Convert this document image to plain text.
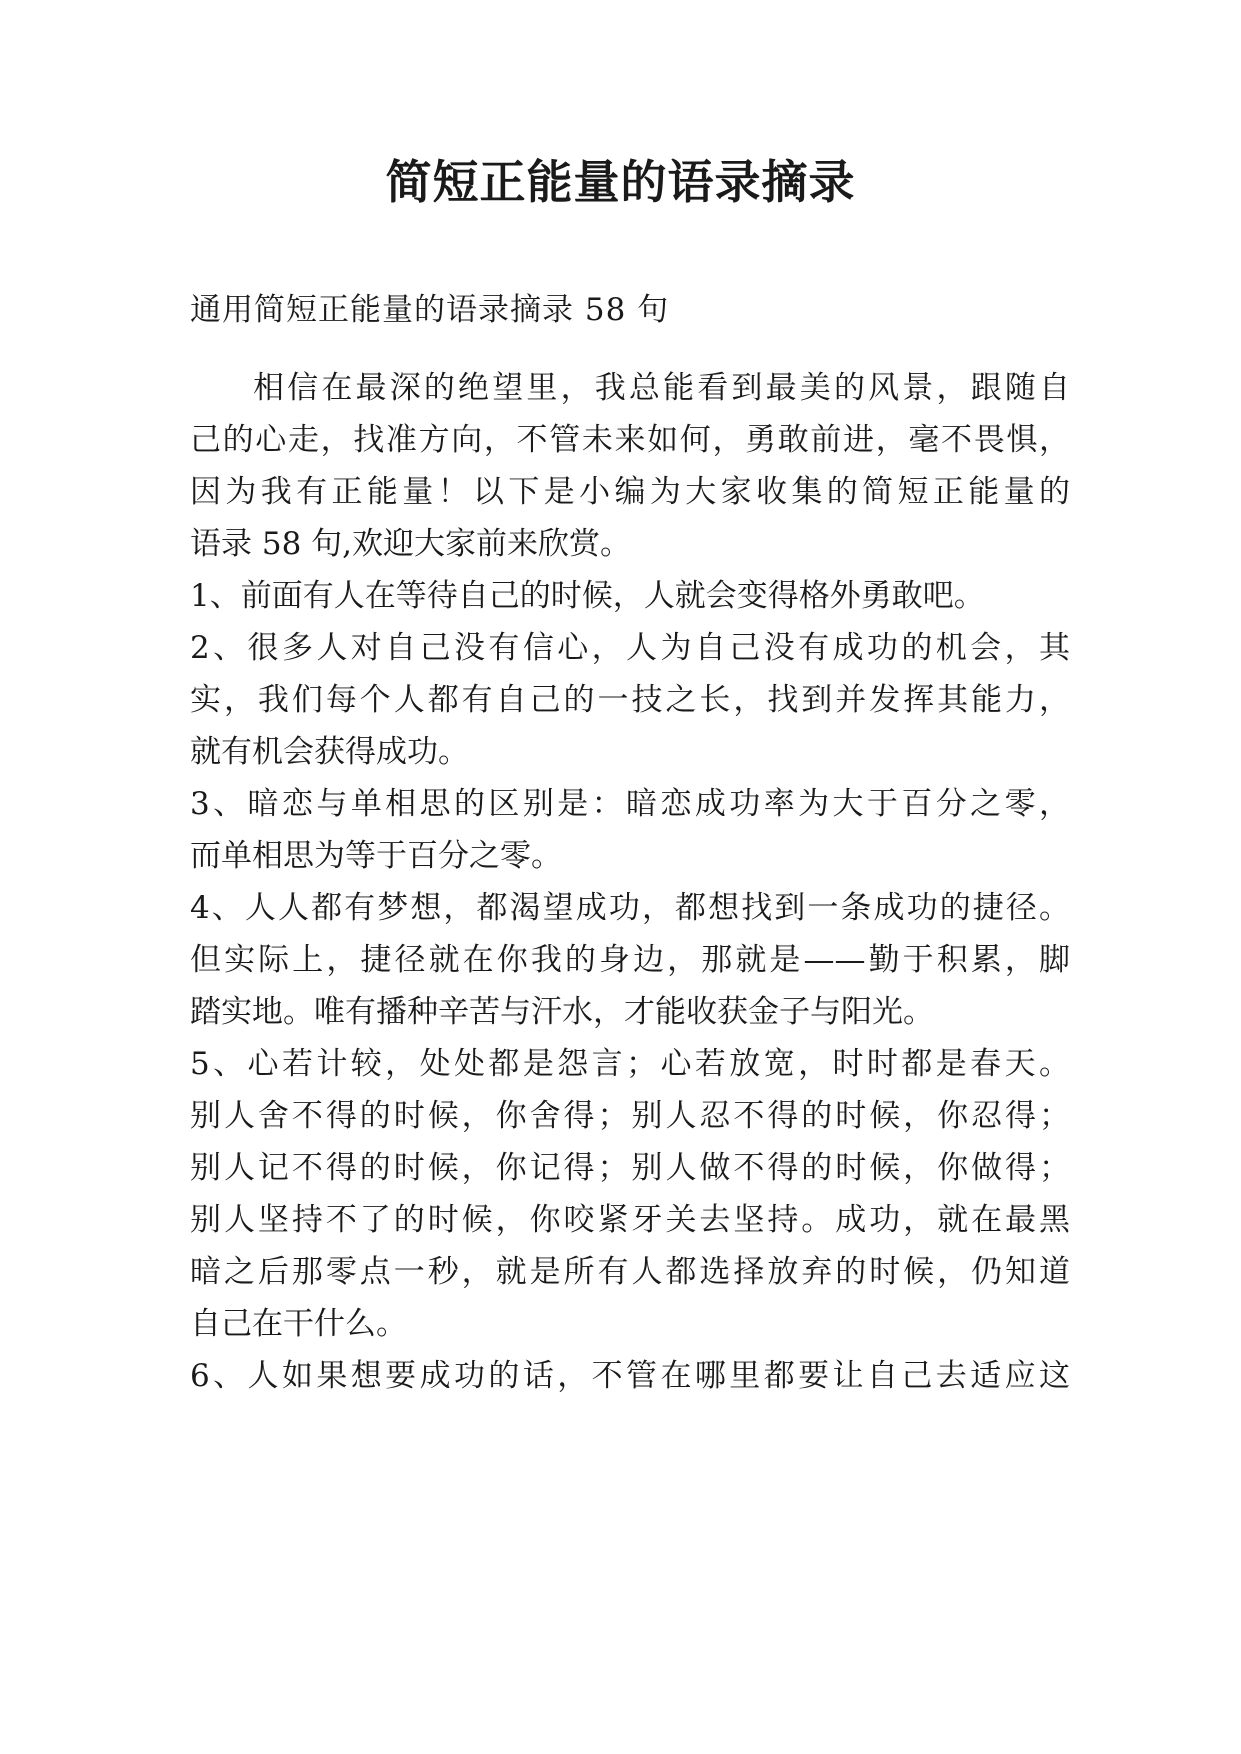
简短正能量的语录摘录
通用简短正能量的语录摘录 58 句
相信在最深的绝望里，我总能看到最美的风景，跟随自
己的心走，找准方向，不管未来如何，勇敢前进，毫不畏惧，
因为我有正能量！以下是小编为大家收集的简短正能量的
语录 58 句,欢迎大家前来欣赏。
1、前面有人在等待自己的时候，人就会变得格外勇敢吧。
2、很多人对自己没有信心，人为自己没有成功的机会，其
实，我们每个人都有自己的一技之长，找到并发挥其能力，
就有机会获得成功。
3、暗恋与单相思的区别是：暗恋成功率为大于百分之零，
而单相思为等于百分之零。
4、人人都有梦想，都渴望成功，都想找到一条成功的捷径。
但实际上，捷径就在你我的身边，那就是——勤于积累，脚
踏实地。唯有播种辛苦与汗水，才能收获金子与阳光。
5、心若计较，处处都是怨言；心若放宽，时时都是春天。
别人舍不得的时候，你舍得；别人忍不得的时候，你忍得；
别人记不得的时候，你记得；别人做不得的时候，你做得；
别人坚持不了的时候，你咬紧牙关去坚持。成功，就在最黑
暗之后那零点一秒，就是所有人都选择放弃的时候，仍知道
自己在干什么。
6、人如果想要成功的话，不管在哪里都要让自己去适应这
